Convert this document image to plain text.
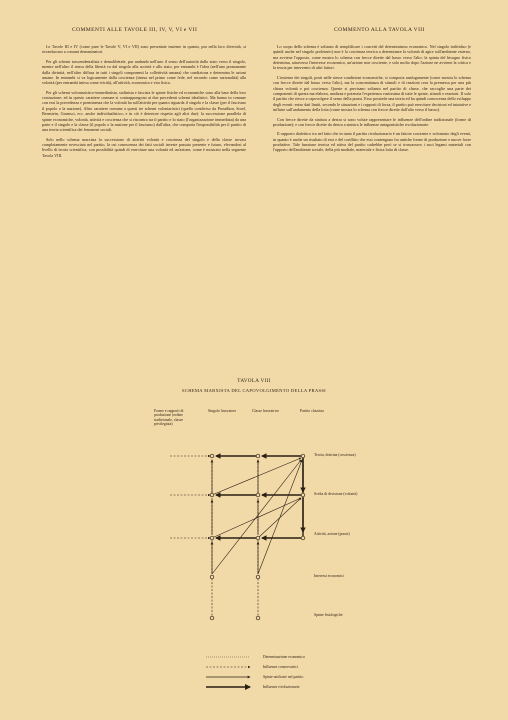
COMMENTI ALLE TAVOLE III, IV, V, VI e VII	COMMENTO ALLA TAVOLA VIII

Le Tavole III e IV (come pure le Tavole V, VI e VII) sono presentate insieme in quanto, pur nella loro diversità, si riconducono a comuni denominatori.

Per gli schemi trascendentalista e demolibérale, pur andando nell'uno il senso dell'autorità dallo stato verso il singolo, mentre nell'altro il senso della libertà va dal singolo alla società e allo stato, per entrambi è l'idea (nell'uno promanante dalla divinità, nell'altro diffusa in tutti i singoli componenti la collettività umana) che condiziona e determina le azioni umane. In entrambi si va logicamente dalla coscienza (intesa nel primo come fede, nel secondo come razionalità) alla volontà (per entrambi intesa come eticità), all'attività, economica e vita fisica.

Per gli schemi volontaristico-immediatista, stalinista e fascista le spinte fisiche ed economiche sono alla base della loro costruzione; ed in questo carattere comune si contrappongono ai due precedenti schemi idealistici. Ma hanno in comune con essi la precedenza e preminenza che la volontà ha sull'attività per quanto riguarda il singolo e la classe (per il fascismo il popolo o la nazione). Altro carattere comune a questi tre schemi volontaristici (quello condiviso da Proudhon, Sorel, Bernstein, Gramsci, ecc. anche individualistico; e in ciò è deteriore rispetto agli altri due): la successione parallela di spinte economiche, volontà, attività e coscienza che si riscontra tra il partito e lo stato (l'organizzazione immediata) da una parte e il singolo e la classe (il popolo o la nazione per il fascismo) dall'altra, che comporta l'impossibilità per il partito di una teoria scientifica dei fenomeni sociali.

Solo nello schema marxista la successione di attività volontà e coscienza del singolo e della classe trovasi completamente rovesciata nel partito, la cui conoscenza dei fatti sociali investe passato presente e futuro, elevandosi al livello di teoria scientifica, con possibilità quindi di esercitare una volontà ed un'azione, come è mostrato nella seguente Tavola VIII.

Lo scopo dello schema è soltanto di semplificare i concetti del determinismo economico. Nel singolo individuo (e quindi anche nel singolo proletario) non è la coscienza teorica a determinare la volontà di agire sull'ambiente esterno, ma avviene l'opposto, come mostra lo schema con frecce dirette dal basso verso l'alto: la spinta del bisogno fisico determina, attraverso l'interesse economico, un'azione non cosciente, e solo molto dopo l'azione ne avviene la critica e la teoria per intervento di altri fattori.

L'insieme dei singoli, posti nelle stesse condizioni economiche, si comporta analogamente (come mostra lo schema con frecce dirette dal basso verso l'alto), ma la concomitanza di stimoli e di reazioni crea la premessa per una più chiara volontà e poi coscienza. Queste si precisano soltanto nel partito di classe, che raccoglie una parte dei componenti di questa ma elabora, analizza e potenzia l'esperienza vastissima di tutte le spinte, stimoli e reazioni. Il solo il partito che riesce a capovolgere il senso della prassi. Esso possiede una teoria ed ha quindi conoscenza dello sviluppo degli eventi: entro dati limiti, secondo le situazioni e i rapporti di forza, il partito può esercitare decisioni ed iniziative e influire sull'andamento della lotta (come mostra lo schema con frecce dirette dall'alto verso il basso).

Con frecce dirette da sinistra a destra si sono volute rappresentare le influenze dell'ordine tradizionale (forme di produzione); e con frecce dirette da destra a sinistra le influenze antagonistiche rivoluzionarie.

Il rapporto dialettico tra nel fatto che in tanto il partito rivoluzionario è un fattore cosciente e volontario degli eventi, in quanto è anche un risultato di essi e del conflitto che essi contengono fra antiche forme di produzione e nuove forze produttive. Tale funzione teorica ed attiva del partito cadrebbe però se si troncassero i suoi legami materiali con l'apporto dell'ambiente sociale, della più modiale, materiale e fisica lotta di classe.

TAVOLA VIII
SCHEMA MARXISTA DEL CAPOVOLGIMENTO DELLA PRASSI
Forme e rapporti di produzione (ordine tradizionale, classe privilegiata)
Singolo lavoratore	Classe lavoratrice	Partito classista
Teoria, dottrina (coscienza)
Scelta di decisione (volontà)
Attività, azione (prassi)
Interessi economici
Spinte fisiologiche
Determinazione economica
Influenze conservatrici
Spinte unificate nel partito
Influenze rivoluzionarie
